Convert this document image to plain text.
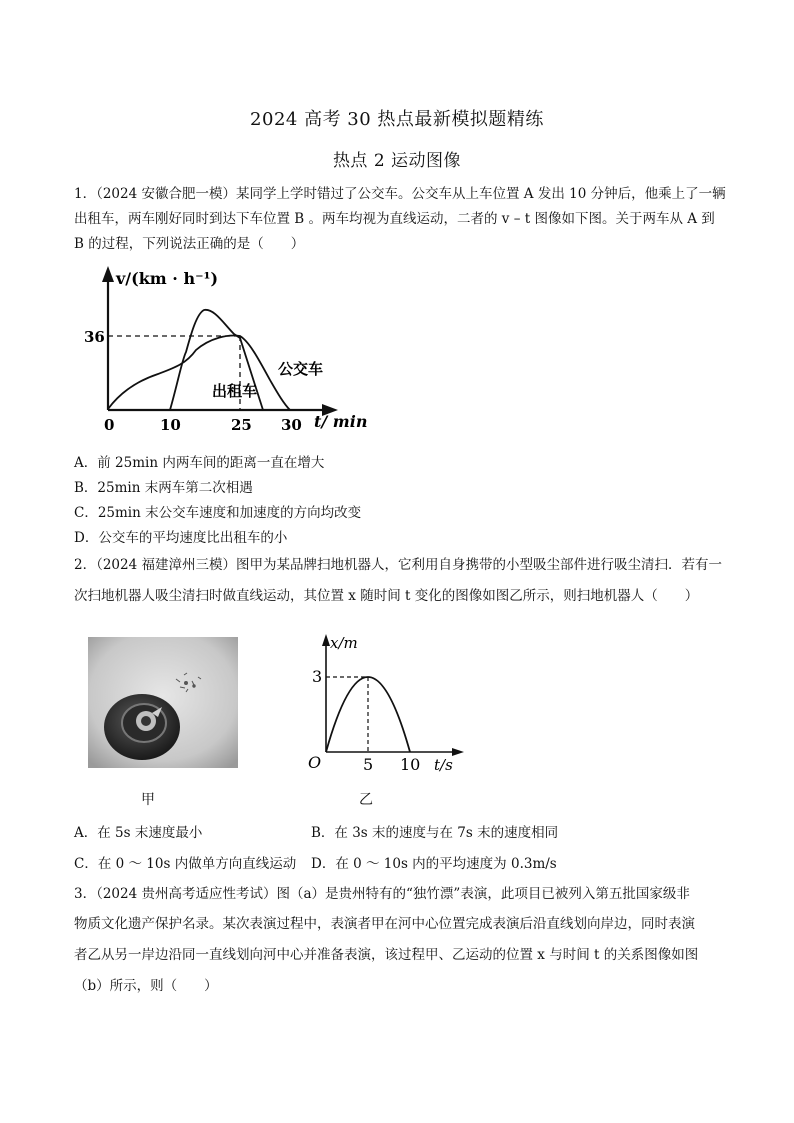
2024 高考 30 热点最新模拟题精练
热点 2 运动图像
1．（2024 安徽合肥一模）某同学上学时错过了公交车。公交车从上车位置 A 发出 10 分钟后，他乘上了一辆
出租车，两车刚好同时到达下车位置 B 。两车均视为直线运动，二者的 v – t 图像如下图。关于两车从 A 到
B 的过程，下列说法正确的是（　　）
v/(km · h⁻¹)
36
0	10	25 30 t/ min
公交车
出租车
A．前 25min 内两车间的距离一直在增大
B．25min 末两车第二次相遇
C．25min 末公交车速度和加速度的方向均改变
D．公交车的平均速度比出租车的小
2．（2024 福建漳州三模）图甲为某品牌扫地机器人，它利用自身携带的小型吸尘部件进行吸尘清扫．若有一
次扫地机器人吸尘清扫时做直线运动，其位置 x 随时间 t 变化的图像如图乙所示，则扫地机器人（　　）
甲
x/m
3
O	5 10 t/s
乙
A．在 5s 末速度最小	B．在 3s 末的速度与在 7s 末的速度相同
C．在 0 ～ 10s 内做单方向直线运动 D．在 0 ～ 10s 内的平均速度为 0.3m/s
3．（2024 贵州高考适应性考试）图（a）是贵州特有的“独竹漂”表演，此项目已被列入第五批国家级非
物质文化遗产保护名录。某次表演过程中，表演者甲在河中心位置完成表演后沿直线划向岸边，同时表演
者乙从另一岸边沿同一直线划向河中心并准备表演，该过程甲、乙运动的位置 x 与时间 t 的关系图像如图
（b）所示，则（　　）
